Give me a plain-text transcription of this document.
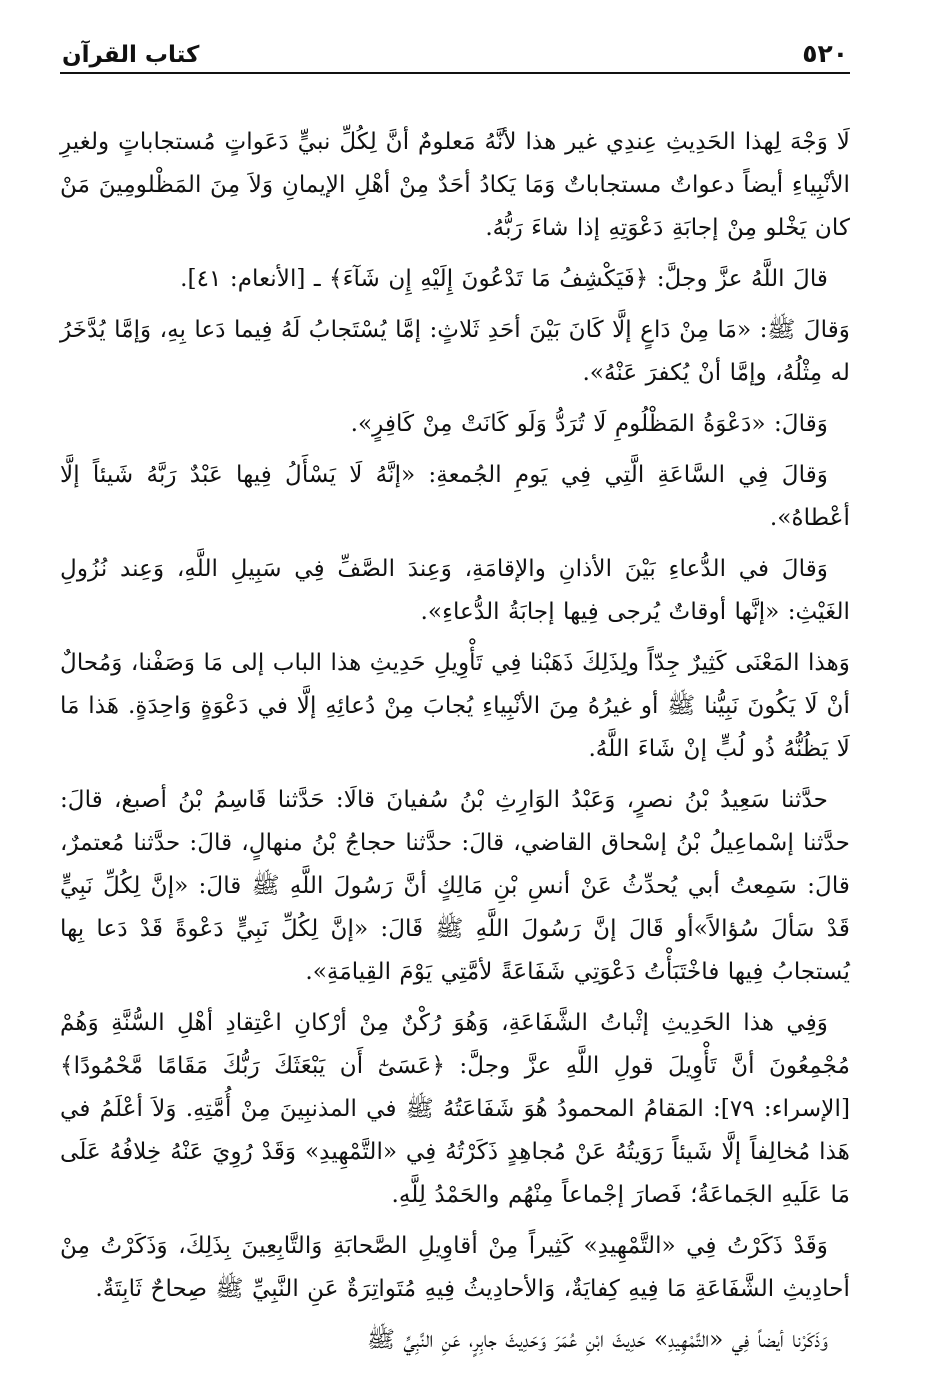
٥٢٠
كتاب القرآن

لَا وَجْهَ لِهذا الحَدِيثِ عِندِي غير هذا لأنَّهُ مَعلومٌ أنَّ لِكُلِّ نبيٍّ دَعَواتٍ مُستجاباتٍ ولغيرِ الأنْبِياءِ أيضاً دعواتٌ مستجاباتٌ وَمَا يَكادُ أحَدٌ مِنْ أهْلِ الإيمانِ وَلاَ مِنَ المَظْلومِينَ مَنْ كان يَخْلو مِنْ إجابَةِ دَعْوَتِهِ إذا شاءَ رَبُّهُ.

قالَ اللَّهُ عزَّ وجلَّ: ﴿فَيَكْشِفُ مَا تَدْعُونَ إِلَيْهِ إِن شَآءَ﴾ ـ [الأنعام: ٤١].

وَقالَ ﷺ: «مَا مِنْ دَاعٍ إلَّا كَانَ بَيْنَ أحَدِ ثَلاثٍ: إمَّا يُسْتَجابُ لَهُ فِيما دَعا بِهِ، وَإمَّا يُدَّخَرُ له مِثْلُهُ، وإمَّا أنْ يُكفرَ عَنْهُ».

وَقالَ: «دَعْوَةُ المَظْلُومِ لَا تُرَدُّ وَلَو كَانَتْ مِنْ كَافِرٍ».

وَقالَ فِي السَّاعَةِ الَّتِي فِي يَومِ الجُمعةِ: «إنَّهُ لَا يَسْأَلُ فِيها عَبْدٌ رَبَّهُ شَيئاً إلَّا أعْطاهُ».

وَقالَ في الدُّعاءِ بَيْنَ الأذانِ والإقامَةِ، وَعِندَ الصَّفِّ فِي سَبِيلِ اللَّهِ، وَعِند نُزُولِ الغَيْثِ: «إنَّها أوقاتٌ يُرجى فِيها إجابَةُ الدُّعاءِ».

وَهذا المَعْنَى كَثِيرٌ جِدّاً ولِذَلِكَ ذَهَبْنا فِي تَأْوِيلِ حَدِيثِ هذا الباب إلى مَا وَصَفْنا، وَمُحالٌ أنْ لَا يَكُونَ نَبِيُّنا ﷺ أو غيرُهُ مِنَ الأنْبِياءِ يُجابَ مِنْ دُعائِهِ إلَّا في دَعْوَةٍ وَاحِدَةٍ. هَذا مَا لَا يَظُنُّهُ ذُو لُبٍّ إنْ شَاءَ اللَّهُ.

حدَّثنا سَعِيدُ بْنُ نصرٍ، وَعَبْدُ الوَارِثِ بْنُ سُفيانَ قالَا: حَدَّثنا قَاسِمُ بْنُ أصبغ، قالَ: حدَّثنا إسْماعِيلُ بْنُ إسْحاق القاضي، قالَ: حدَّثنا حجاجُ بْنُ منهالٍ، قالَ: حدَّثنا مُعتمرٌ، قالَ: سَمِعتُ أبي يُحدِّثُ عَنْ أنسِ بْنِ مَالِكٍ أنَّ رَسُولَ اللَّهِ ﷺ قالَ: «إنَّ لِكُلِّ نَبِيٍّ قَدْ سَألَ سُؤالاً»أو قَالَ إنَّ رَسُولَ اللَّهِ ﷺ قَالَ: «إنَّ لِكُلِّ نَبِيٍّ دَعْوةً قَدْ دَعا بِها يُستجابُ فِيها فاخْتَبَأْتُ دَعْوَتِي شَفَاعَةً لأمَّتِي يَوْمَ القِيامَةِ».

وَفِي هذا الحَدِيثِ إثْباتُ الشَّفَاعَةِ، وَهُوَ رُكْنٌ مِنْ أرْكانِ اعْتِقادِ أهْلِ السُّنَّةِ وَهُمْ مُجْمِعُونَ أنَّ تَأْوِيلَ قولِ اللَّهِ عزَّ وجلَّ: ﴿عَسَىٰٓ أَن يَبْعَثَكَ رَبُّكَ مَقَامًا مَّحْمُودًا﴾ [الإسراء: ٧٩]: المَقامُ المحمودُ هُوَ شَفَاعَتُهُ ﷺ في المذنبِينَ مِنْ أُمَّتِهِ. وَلاَ أعْلَمُ في هَذا مُخالِفاً إلَّا شَيئاً رَوَيتُهُ عَنْ مُجاهِدٍ ذَكَرْتُهُ فِي «التَّمْهِيدِ» وَقَدْ رُوِيَ عَنْهُ خِلافُهُ عَلَى مَا عَلَيهِ الجَماعَةُ؛ فَصارَ إجْماعاً مِنْهُم والحَمْدُ لِلَّهِ.

وَقَدْ ذَكَرْتُ فِي «التَّمْهِيدِ» كَثِيراً مِنْ أقاوِيلِ الصَّحابَةِ وَالتَّابِعِينَ بِذَلِكَ، وَذَكَرْتُ مِنْ أحادِيثِ الشَّفَاعَةِ مَا فِيهِ كِفايَةٌ، وَالأحادِيثُ فِيهِ مُتَواتِرَةٌ عَنِ النَّبِيِّ ﷺ صِحاحٌ ثَابِتَةٌ.

وَذَكَرْنا أيضاً فِي «التَّمْهِيدِ» حَدِيثَ ابْنِ عُمَرَ وَحَدِيثَ جابِرٍ، عَنِ النَّبِيِّ ﷺ
